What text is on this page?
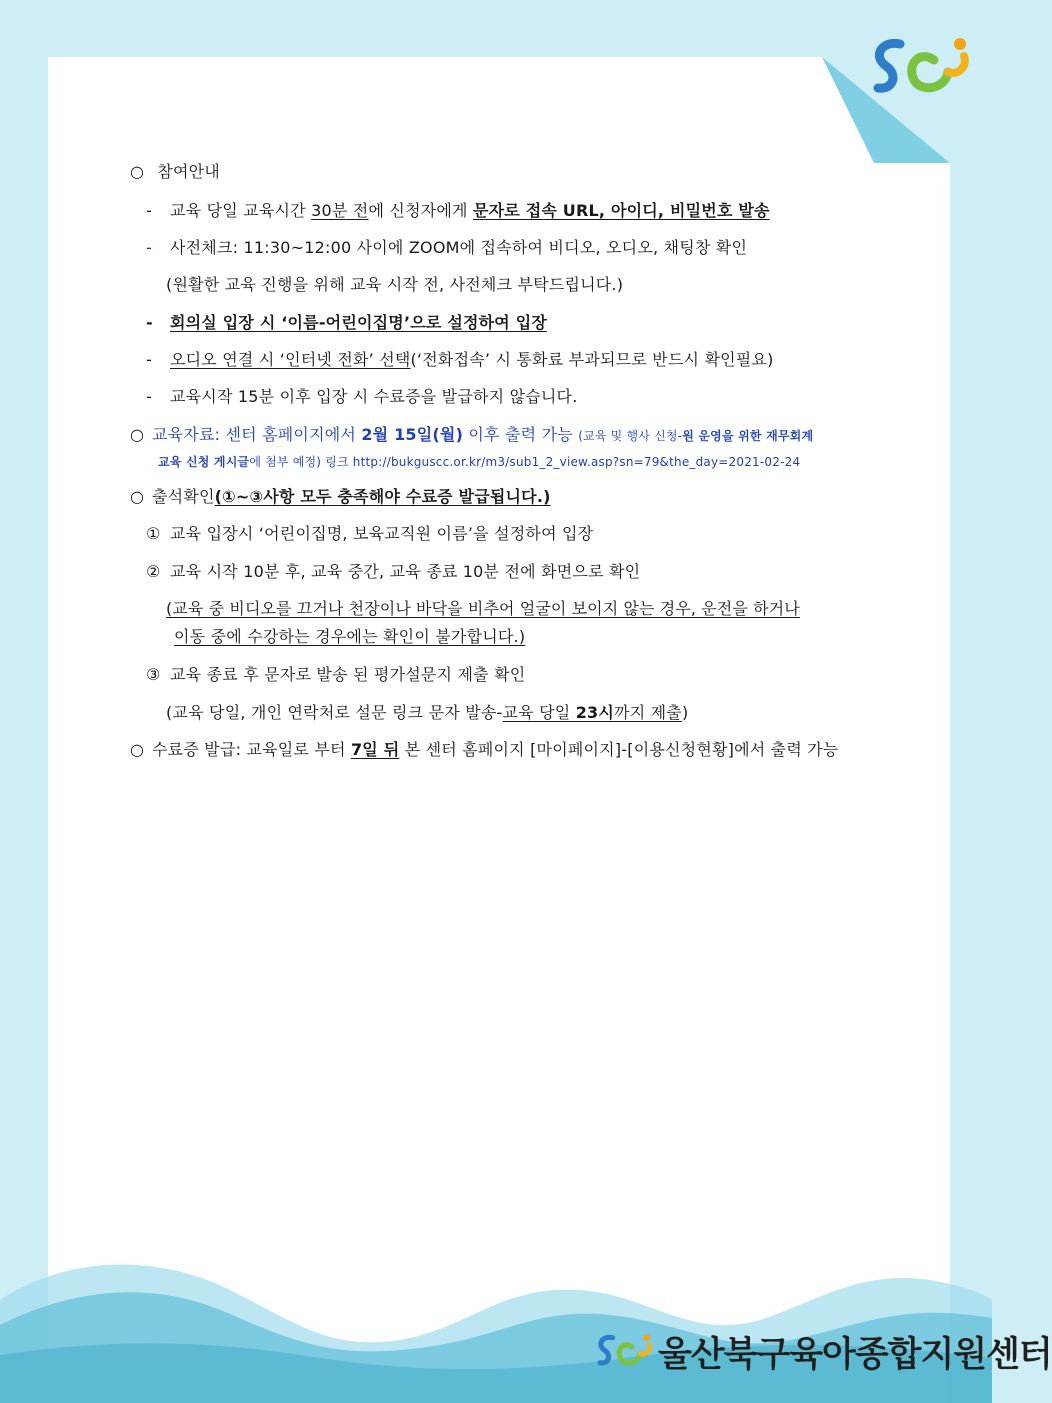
울산북구육아종합지원센터
○ 참여안내
- 교육 당일 교육시간 30분 전에 신청자에게 문자로 접속 URL, 아이디, 비밀번호 발송
- 사전체크: 11:30~12:00 사이에 ZOOM에 접속하여 비디오, 오디오, 채팅창 확인
(원활한 교육 진행을 위해 교육 시작 전, 사전체크 부탁드립니다.)
- 회의실 입장 시 ‘이름-어린이집명’으로 설정하여 입장
- 오디오 연결 시 ‘인터넷 전화’ 선택(‘전화접속’ 시 통화료 부과되므로 반드시 확인필요)
- 교육시작 15분 이후 입장 시 수료증을 발급하지 않습니다.
○ 교육자료: 센터 홈페이지에서 2월 15일(월) 이후 출력 가능 (교육 및 행사 신청-원 운영을 위한 재무회계
교육 신청 게시글에 첨부 예정) 링크 http://bukguscc.or.kr/m3/sub1_2_view.asp?sn=79&the_day=2021-02-24
○ 출석확인(①~③사항 모두 충족해야 수료증 발급됩니다.)
① 교육 입장시 ‘어린이집명, 보육교직원 이름’을 설정하여 입장
② 교육 시작 10분 후, 교육 중간, 교육 종료 10분 전에 화면으로 확인
(교육 중 비디오를 끄거나 천장이나 바닥을 비추어 얼굴이 보이지 않는 경우, 운전을 하거나
이동 중에 수강하는 경우에는 확인이 불가합니다.)
③ 교육 종료 후 문자로 발송 된 평가설문지 제출 확인
(교육 당일, 개인 연락처로 설문 링크 문자 발송-교육 당일 23시까지 제출)
○ 수료증 발급: 교육일로 부터 7일 뒤 본 센터 홈페이지 [마이페이지]-[이용신청현황]에서 출력 가능
